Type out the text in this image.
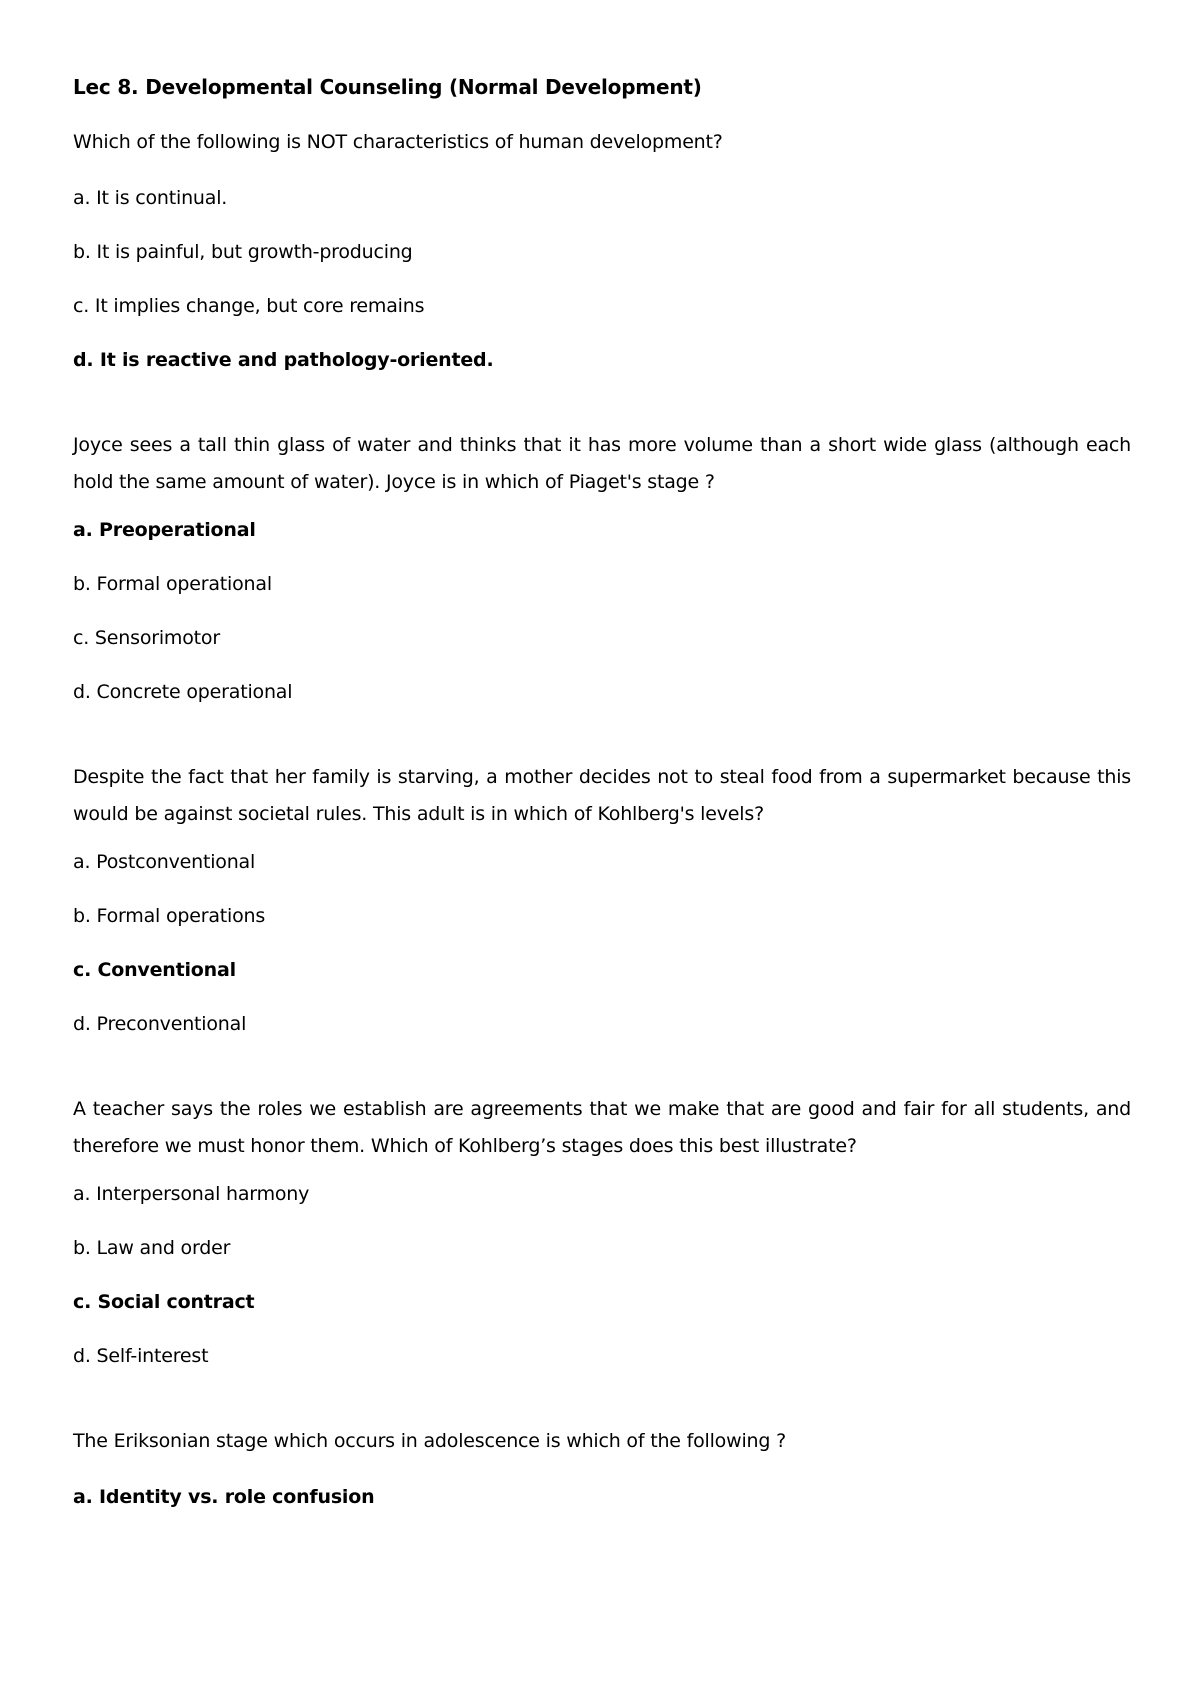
Lec 8. Developmental Counseling (Normal Development)
Which of the following is NOT characteristics of human development?
a. It is continual.
b. It is painful, but growth-producing
c. It implies change, but core remains
d. It is reactive and pathology-oriented.
Joyce sees a tall thin glass of water and thinks that it has more volume than a short wide glass (although each hold the same amount of water). Joyce is in which of Piaget's stage ?
a. Preoperational
b. Formal operational
c. Sensorimotor
d. Concrete operational
Despite the fact that her family is starving, a mother decides not to steal food from a supermarket because this would be against societal rules. This adult is in which of Kohlberg's levels?
a. Postconventional
b. Formal operations
c. Conventional
d. Preconventional
A teacher says the roles we establish are agreements that we make that are good and fair for all students, and therefore we must honor them. Which of Kohlberg’s stages does this best illustrate?
a. Interpersonal harmony
b. Law and order
c. Social contract
d. Self-interest
The Eriksonian stage which occurs in adolescence is which of the following ?
a. Identity vs. role confusion
